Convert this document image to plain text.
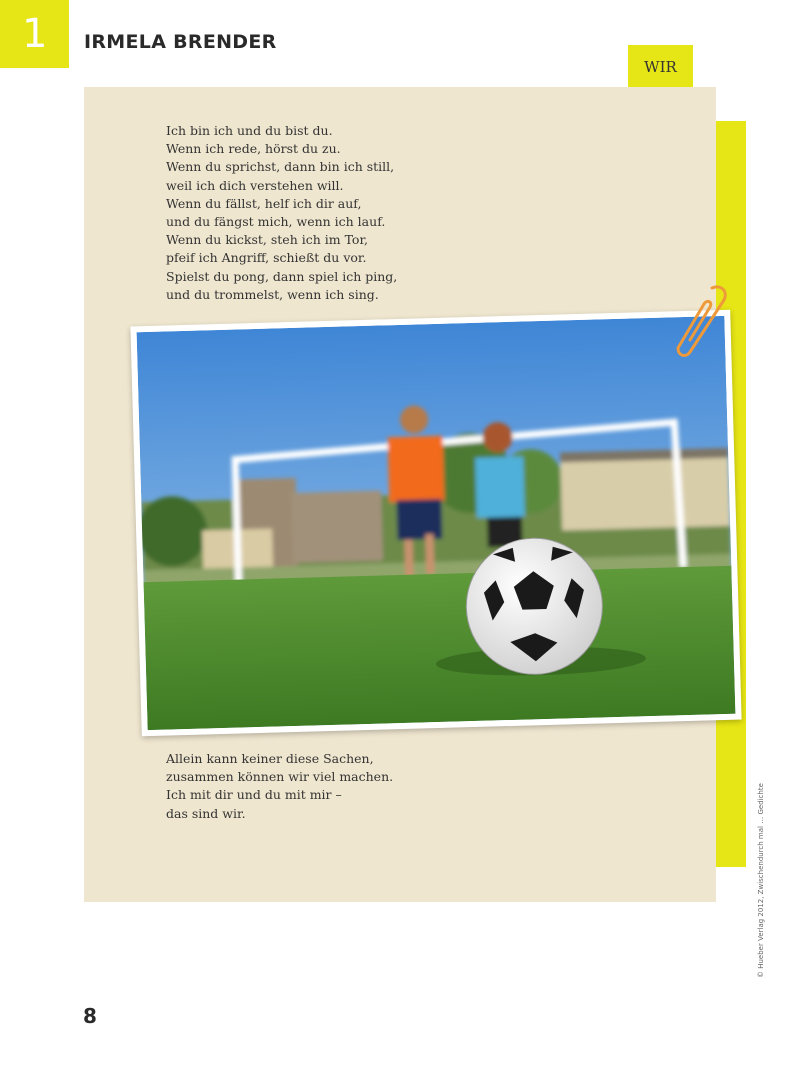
1	IRMELA BRENDER
WIR
Ich bin ich und du bist du.
Wenn ich rede, hörst du zu.
Wenn du sprichst, dann bin ich still,
weil ich dich verstehen will.
Wenn du fällst, helf ich dir auf,
und du fängst mich, wenn ich lauf.
Wenn du kickst, steh ich im Tor,
pfeif ich Angriff, schießt du vor.
Spielst du pong, dann spiel ich ping,
und du trommelst, wenn ich sing.
Allein kann keiner diese Sachen,
zusammen können wir viel machen.
Ich mit dir und du mit mir –
das sind wir.	© Hueber Verlag 2012, Zwischendurch mal … Gedichte
8
